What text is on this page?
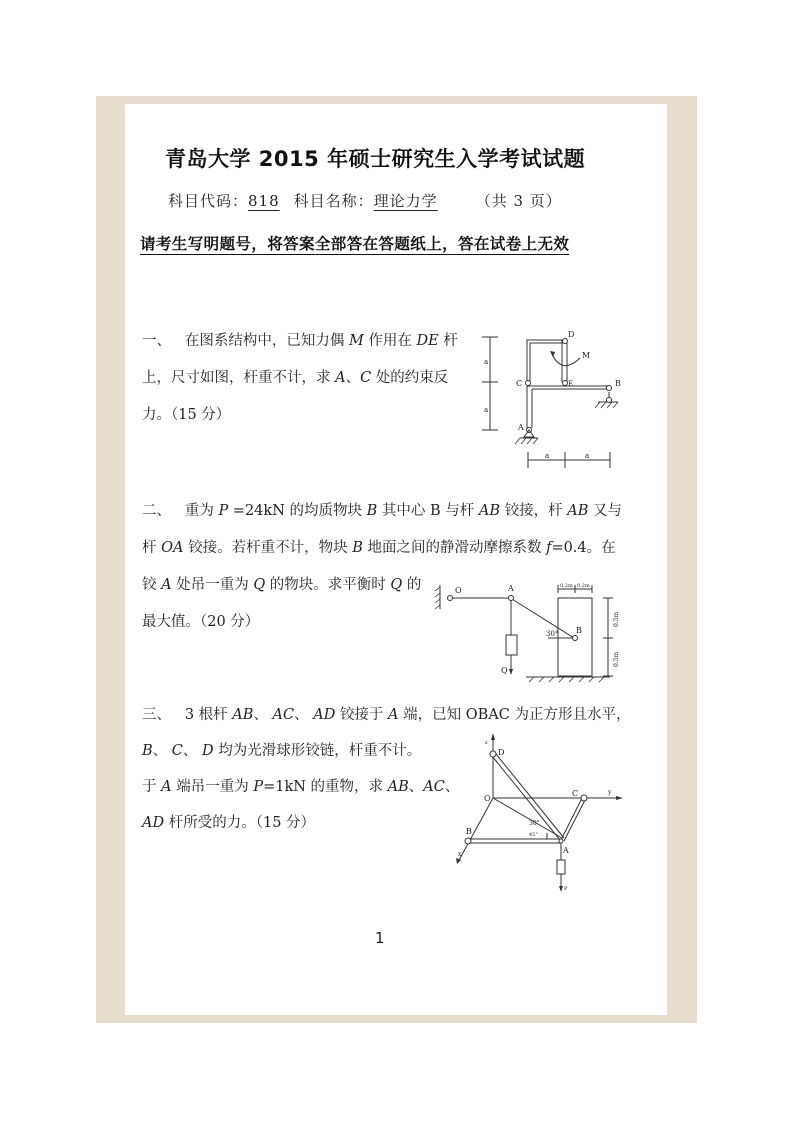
青岛大学 2015 年硕士研究生入学考试试题
科目代码：818 科目名称：理论力学	（共 3 页）
请考生写明题号，将答案全部答在答题纸上，答在试卷上无效
一、 在图系结构中，已知力偶 M 作用在 DE 杆
上，尺寸如图，杆重不计，求 A、C 处的约束反
力。（15 分）
D
M
C	E	B
A
a
a
a	a
二、 重为 P =24kN 的均质物块 B 其中心 B 与杆 AB 铰接，杆 AB 又与
杆 OA 铰接。若杆重不计，物块 B 地面之间的静滑动摩擦系数 f=0.4。在
铰 A 处吊一重为 Q 的物块。求平衡时 Q 的
最大值。（20 分）
O	A
B
Q
30°
0.2m 0.2m
0.5m
0.5m
三、 3 根杆 AB、 AC、 AD 铰接于 A 端，已知 OBAC 为正方形且水平，
B、 C、 D 均为光滑球形铰链，杆重不计。
于 A 端吊一重为 P=1kN 的重物，求 AB、AC、
AD 杆所受的力。（15 分）
z
D
O
C	y
B
x	A
P
30°
45°
1
